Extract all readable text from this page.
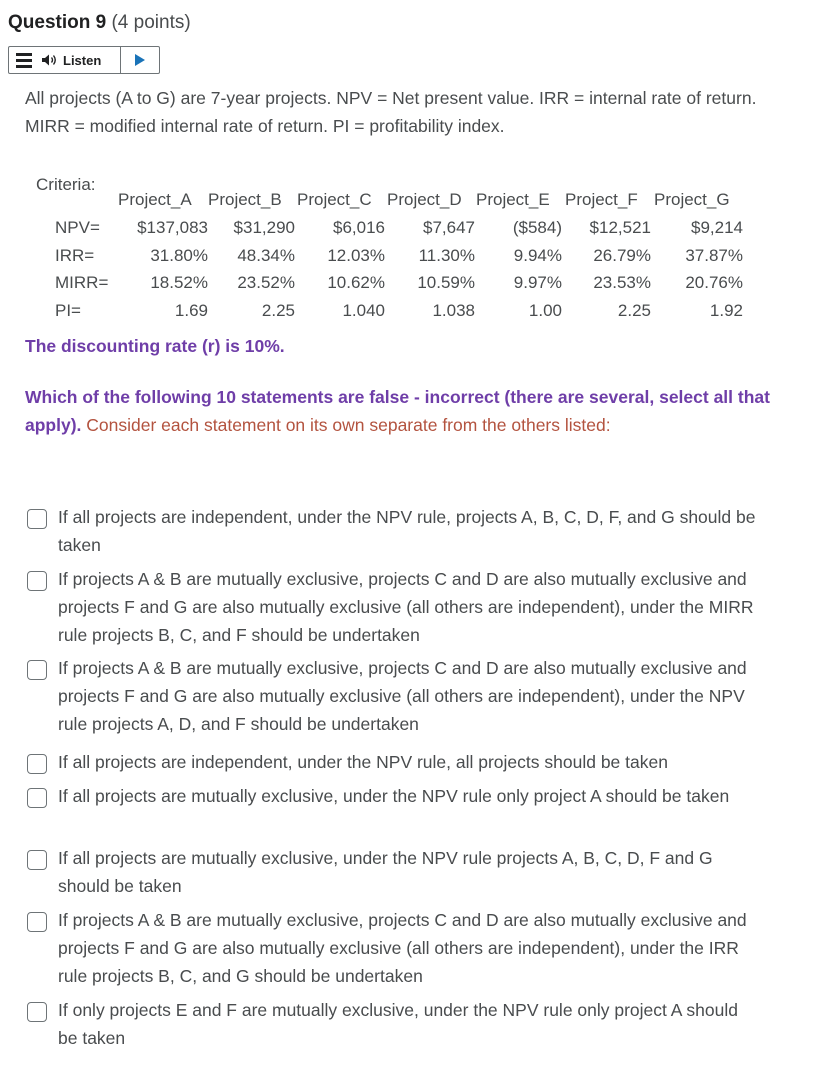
Question 9 (4 points)
Listen
All projects (A to G) are 7-year projects. NPV = Net present value. IRR = internal rate of return. MIRR = modified internal rate of return. PI = profitability index.
Criteria:
Project_A Project_B Project_C Project_D Project_E Project_F Project_G
NPV= $137,083 $31,290 $6,016 $7,647 ($584) $12,521 $9,214
IRR=	31.80% 48.34% 12.03% 11.30% 9.94% 26.79% 37.87%
MIRR= 18.52% 23.52% 10.62% 10.59% 9.97% 23.53% 20.76%
PI=	1.69	2.25	1.040	1.038	1.00	2.25	1.92
The discounting rate (r) is 10%.
Which of the following 10 statements are false - incorrect (there are several, select all that apply). Consider each statement on its own separate from the others listed:
If all projects are independent, under the NPV rule, projects A, B, C, D, F, and G should be taken
If projects A & B are mutually exclusive, projects C and D are also mutually exclusive and projects F and G are also mutually exclusive (all others are independent), under the MIRR rule projects B, C, and F should be undertaken
If projects A & B are mutually exclusive, projects C and D are also mutually exclusive and projects F and G are also mutually exclusive (all others are independent), under the NPV rule projects A, D, and F should be undertaken
If all projects are independent, under the NPV rule, all projects should be taken
If all projects are mutually exclusive, under the NPV rule only project A should be taken
If all projects are mutually exclusive, under the NPV rule projects A, B, C, D, F and G should be taken
If projects A & B are mutually exclusive, projects C and D are also mutually exclusive and projects F and G are also mutually exclusive (all others are independent), under the IRR rule projects B, C, and G should be undertaken
If only projects E and F are mutually exclusive, under the NPV rule only project A should be taken
